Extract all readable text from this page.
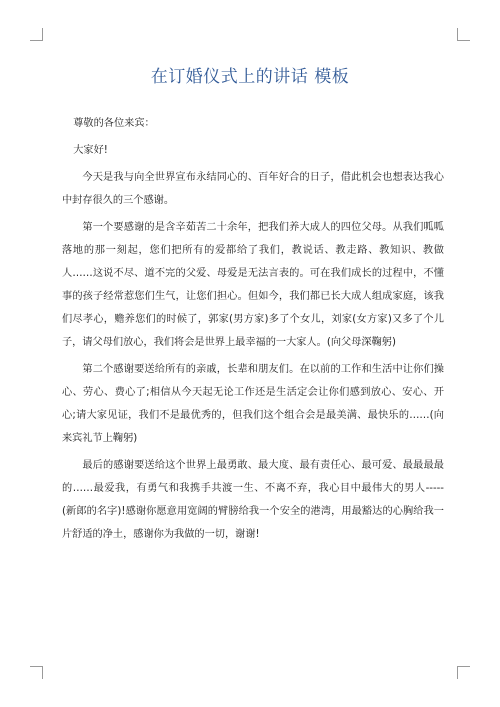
在订婚仪式上的讲话 模板

尊敬的各位来宾：

大家好!

今天是我与向全世界宣布永结同心的、百年好合的日子，借此机会也想表达我心中封存很久的三个感谢。

第一个要感谢的是含辛茹苦二十余年，把我们养大成人的四位父母。从我们呱呱落地的那一刻起，您们把所有的爱都给了我们，教说话、教走路、教知识、教做人……这说不尽、道不完的父爱、母爱是无法言表的。可在我们成长的过程中，不懂事的孩子经常惹您们生气，让您们担心。但如今，我们都已长大成人组成家庭，该我们尽孝心，赡养您们的时候了，郭家(男方家)多了个女儿，刘家(女方家)又多了个儿子，请父母们放心，我们将会是世界上最幸福的一大家人。(向父母深鞠躬)

第二个感谢要送给所有的亲戚，长辈和朋友们。在以前的工作和生活中让你们操心、劳心、费心了;相信从今天起无论工作还是生活定会让你们感到放心、安心、开心;请大家见证，我们不是最优秀的，但我们这个组合会是最美满、最快乐的……(向来宾礼节上鞠躬)

最后的感谢要送给这个世界上最勇敢、最大度、最有责任心、最可爱、最最最最的……最爱我，有勇气和我携手共渡一生、不离不弃，我心目中最伟大的男人----- (新郎的名字)!感谢你愿意用宽阔的臂膀给我一个安全的港湾，用最豁达的心胸给我一片舒适的净土，感谢你为我做的一切，谢谢!
